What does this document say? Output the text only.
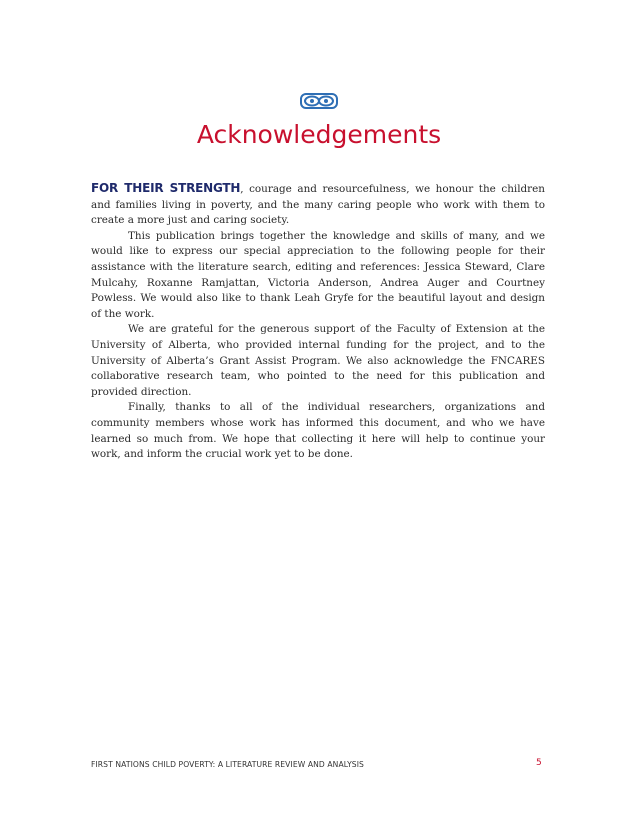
Acknowledgements

FOR THEIR STRENGTH, courage and resourcefulness, we honour the children and families living in poverty, and the many caring people who work with them to create a more just and caring society.

This publication brings together the knowledge and skills of many, and we would like to express our special appreciation to the following people for their assistance with the literature search, editing and references: Jessica Steward, Clare Mulcahy, Roxanne Ramjattan, Victoria Anderson, Andrea Auger and Courtney Powless. We would also like to thank Leah Gryfe for the beautiful layout and design of the work.

We are grateful for the generous support of the Faculty of Extension at the University of Alberta, who provided internal funding for the project, and to the University of Alberta’s Grant Assist Program. We also acknowledge the FNCARES collaborative research team, who pointed to the need for this publication and provided direction.

Finally, thanks to all of the individual researchers, organizations and community members whose work has informed this document, and who we have learned so much from. We hope that collecting it here will help to continue your work, and inform the crucial work yet to be done.

FIRST NATIONS CHILD POVERTY: A LITERATURE REVIEW AND ANALYSIS	5
